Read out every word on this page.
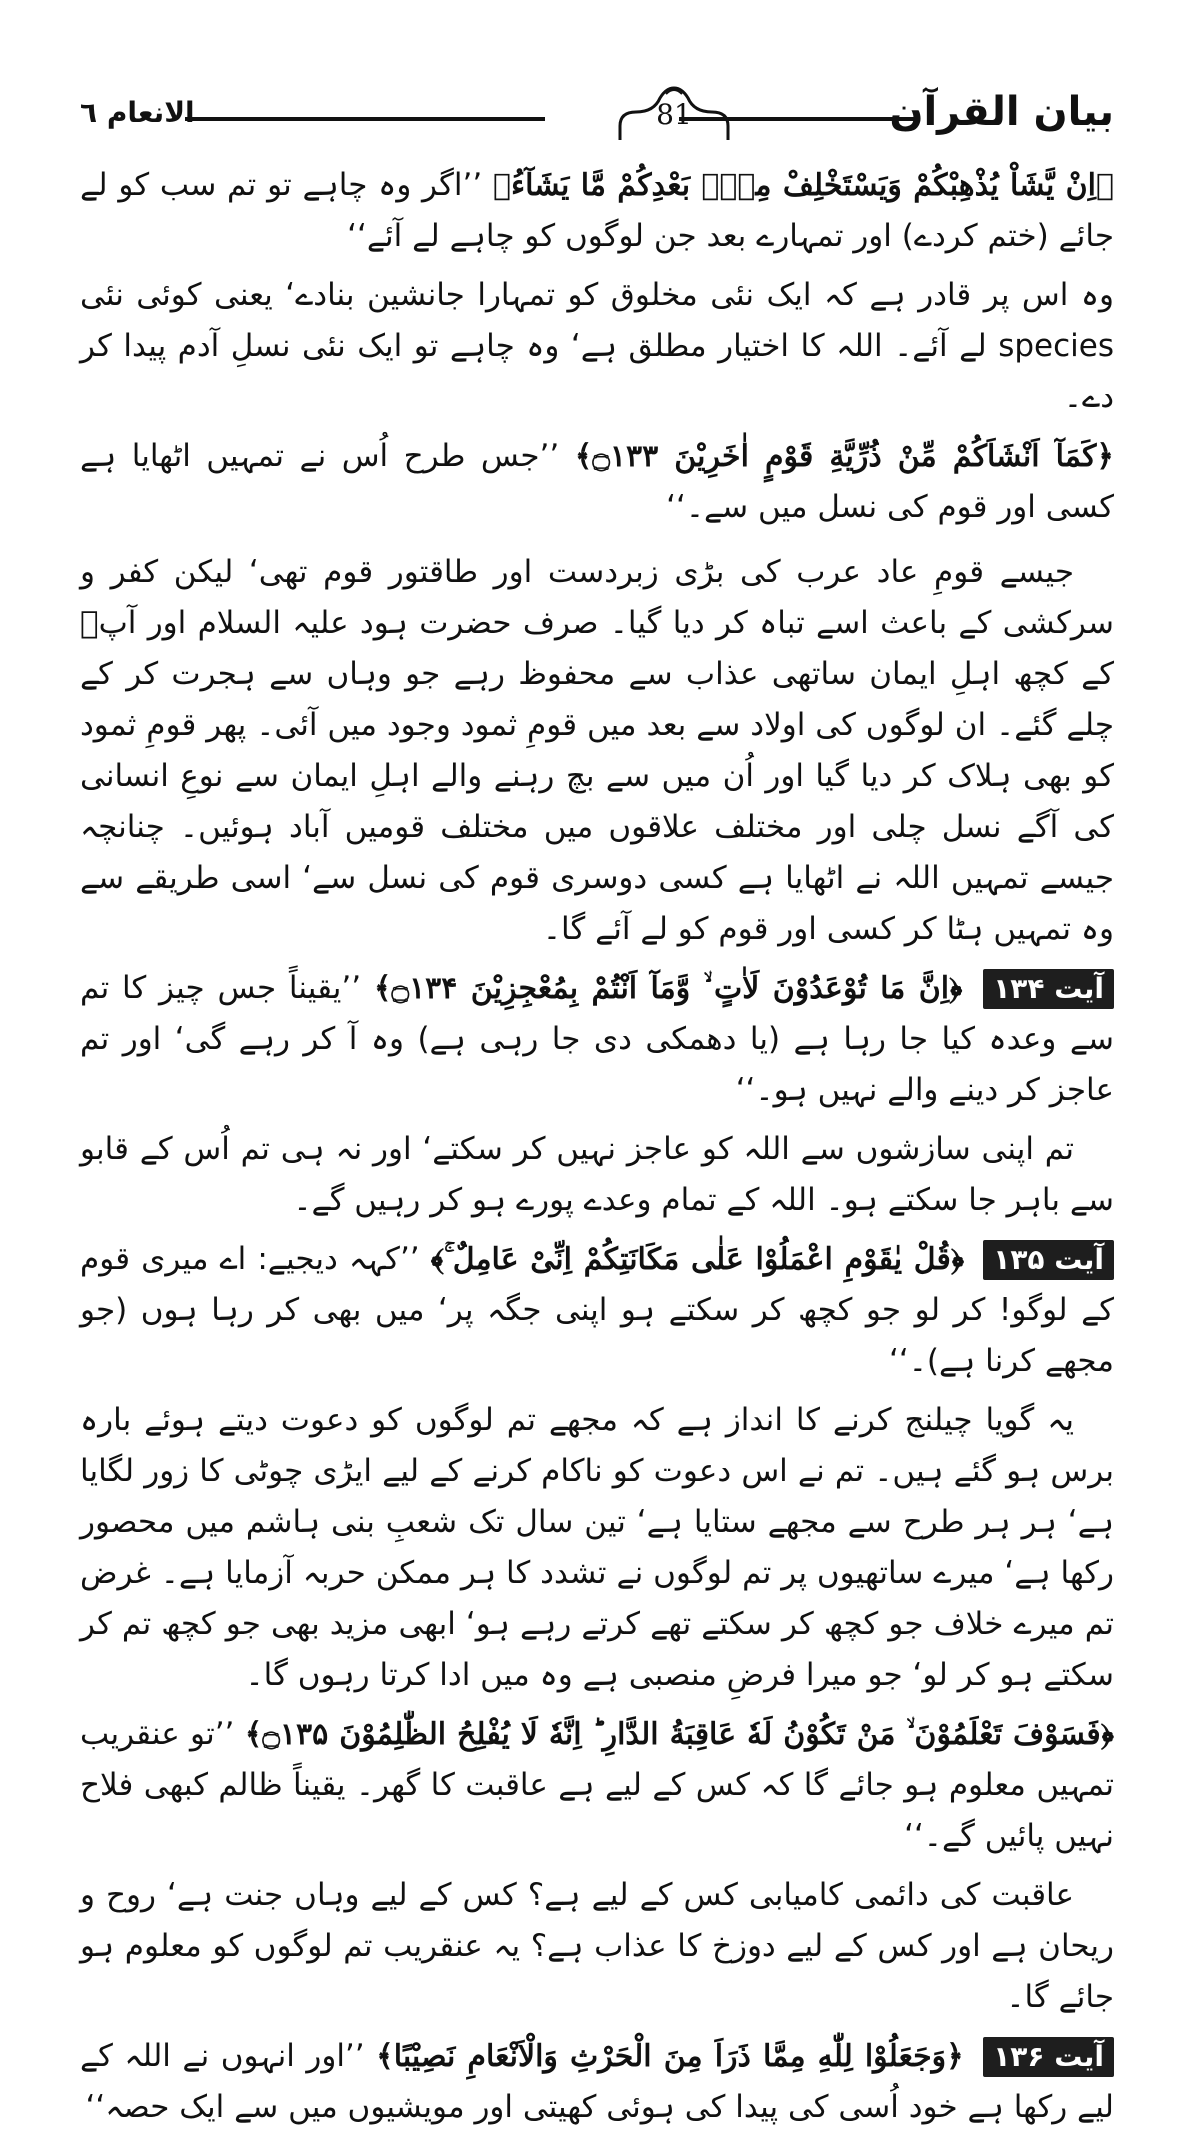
بیان القرآن
81
الانعام ٦

﴿اِنْ یَّشَاْ یُذْهِبْكُمْ وَیَسْتَخْلِفْ مِنْۢ بَعْدِكُمْ مَّا یَشَآءُ﴾ ’’اگر وہ چاہے تو تم سب کو لے جائے (ختم کردے) اور تمہارے بعد جن لوگوں کو چاہے لے آئے‘‘

وہ اس پر قادر ہے کہ ایک نئی مخلوق کو تمہارا جانشین بنادے‘ یعنی کوئی نئی species لے آئے۔ اللہ کا اختیار مطلق ہے‘ وہ چاہے تو ایک نئی نسلِ آدم پیدا کر دے۔

﴿كَمَآ اَنْشَاَكُمْ مِّنْ ذُرِّیَّةِ قَوْمٍ اٰخَرِیْنَ ۝۱۳۳﴾ ’’جس طرح اُس نے تمہیں اٹھایا ہے کسی اور قوم کی نسل میں سے۔‘‘

جیسے قومِ عاد عرب کی بڑی زبردست اور طاقتور قوم تھی‘ لیکن کفر و سرکشی کے باعث اسے تباہ کر دیا گیا۔ صرف حضرت ہود علیہ السلام اور آپؑ کے کچھ اہلِ ایمان ساتھی عذاب سے محفوظ رہے جو وہاں سے ہجرت کر کے چلے گئے۔ ان لوگوں کی اولاد سے بعد میں قومِ ثمود وجود میں آئی۔ پھر قومِ ثمود کو بھی ہلاک کر دیا گیا اور اُن میں سے بچ رہنے والے اہلِ ایمان سے نوعِ انسانی کی آگے نسل چلی اور مختلف علاقوں میں مختلف قومیں آباد ہوئیں۔ چنانچہ جیسے تمہیں اللہ نے اٹھایا ہے کسی دوسری قوم کی نسل سے‘ اسی طریقے سے وہ تمہیں ہٹا کر کسی اور قوم کو لے آئے گا۔

آیت ۱۳۴ ﴿اِنَّ مَا تُوْعَدُوْنَ لَاٰتٍ ۙ وَّمَآ اَنْتُمْ بِمُعْجِزِیْنَ ۝۱۳۴﴾ ’’یقیناً جس چیز کا تم سے وعدہ کیا جا رہا ہے (یا دھمکی دی جا رہی ہے) وہ آ کر رہے گی‘ اور تم عاجز کر دینے والے نہیں ہو۔‘‘

تم اپنی سازشوں سے اللہ کو عاجز نہیں کر سکتے‘ اور نہ ہی تم اُس کے قابو سے باہر جا سکتے ہو۔ اللہ کے تمام وعدے پورے ہو کر رہیں گے۔

آیت ۱۳۵ ﴿قُلْ یٰقَوْمِ اعْمَلُوْا عَلٰی مَكَانَتِكُمْ اِنِّیْ عَامِلٌ ۚ﴾ ’’کہہ دیجیے: اے میری قوم کے لوگو! کر لو جو کچھ کر سکتے ہو اپنی جگہ پر‘ میں بھی کر رہا ہوں (جو مجھے کرنا ہے)۔‘‘

یہ گویا چیلنج کرنے کا انداز ہے کہ مجھے تم لوگوں کو دعوت دیتے ہوئے بارہ برس ہو گئے ہیں۔ تم نے اس دعوت کو ناکام کرنے کے لیے ایڑی چوٹی کا زور لگایا ہے‘ ہر ہر طرح سے مجھے ستایا ہے‘ تین سال تک شعبِ بنی ہاشم میں محصور رکھا ہے‘ میرے ساتھیوں پر تم لوگوں نے تشدد کا ہر ممکن حربہ آزمایا ہے۔ غرض تم میرے خلاف جو کچھ کر سکتے تھے کرتے رہے ہو‘ ابھی مزید بھی جو کچھ تم کر سکتے ہو کر لو‘ جو میرا فرضِ منصبی ہے وہ میں ادا کرتا رہوں گا۔

﴿فَسَوْفَ تَعْلَمُوْنَ ۙ مَنْ تَكُوْنُ لَهٗ عَاقِبَةُ الدَّارِ ؕ اِنَّهٗ لَا یُفْلِحُ الظّٰلِمُوْنَ ۝۱۳۵﴾ ’’تو عنقریب تمہیں معلوم ہو جائے گا کہ کس کے لیے ہے عاقبت کا گھر۔ یقیناً ظالم کبھی فلاح نہیں پائیں گے۔‘‘

عاقبت کی دائمی کامیابی کس کے لیے ہے؟ کس کے لیے وہاں جنت ہے‘ روح و ریحان ہے اور کس کے لیے دوزخ کا عذاب ہے؟ یہ عنقریب تم لوگوں کو معلوم ہو جائے گا۔

آیت ۱۳۶ ﴿وَجَعَلُوْا لِلّٰهِ مِمَّا ذَرَاَ مِنَ الْحَرْثِ وَالْاَنْعَامِ نَصِیْبًا﴾ ’’اور انہوں نے اللہ کے لیے رکھا ہے خود اُسی کی پیدا کی ہوئی کھیتی اور مویشیوں میں سے ایک حصہ‘‘
